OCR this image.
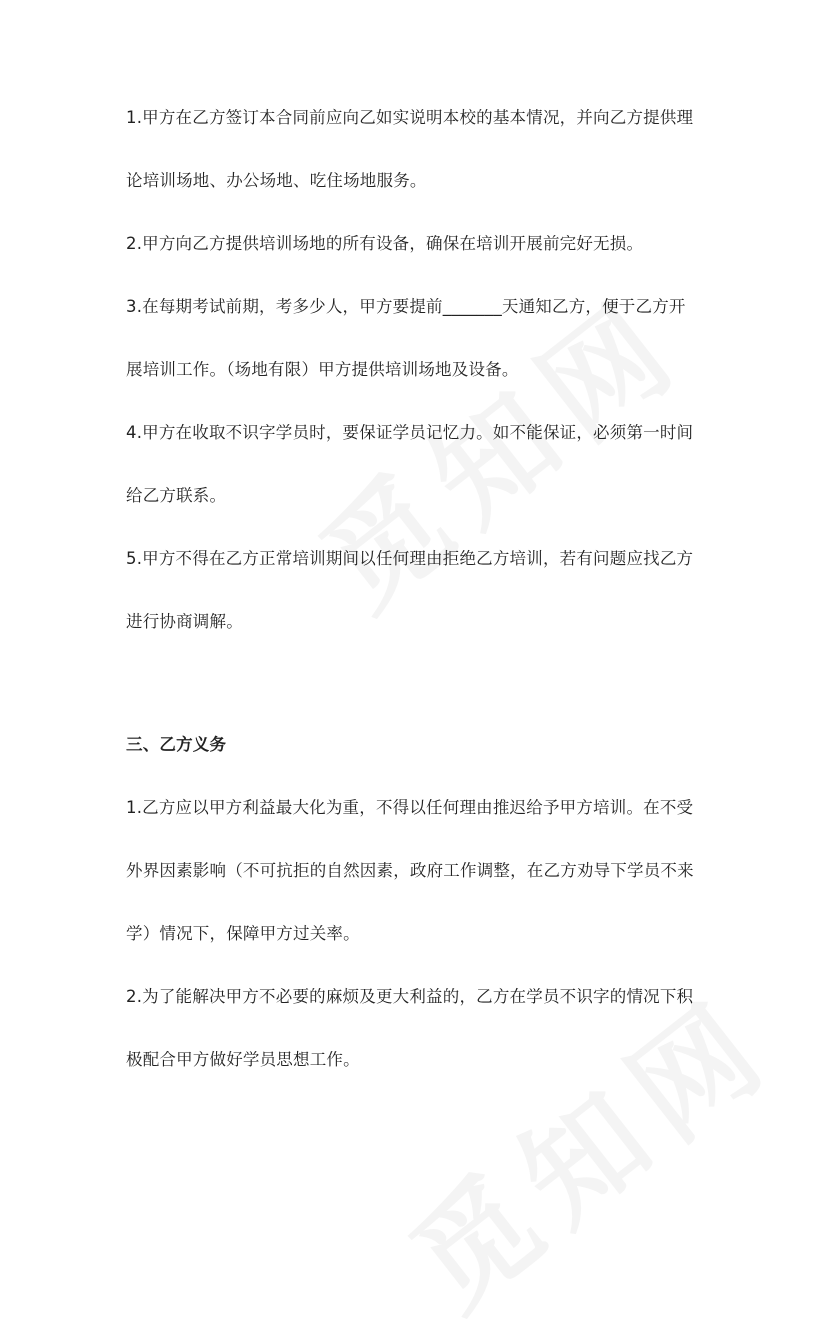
1.甲方在乙方签订本合同前应向乙如实说明本校的基本情况，并向乙方提供理
论培训场地、办公场地、吃住场地服务。
2.甲方向乙方提供培训场地的所有设备，确保在培训开展前完好无损。
3.在每期考试前期，考多少人，甲方要提前_______天通知乙方，便于乙方开
展培训工作。（场地有限）甲方提供培训场地及设备。
4.甲方在收取不识字学员时，要保证学员记忆力。如不能保证，必须第一时间
给乙方联系。
5.甲方不得在乙方正常培训期间以任何理由拒绝乙方培训，若有问题应找乙方
进行协商调解。
三、乙方义务
1.乙方应以甲方利益最大化为重，不得以任何理由推迟给予甲方培训。在不受
外界因素影响（不可抗拒的自然因素，政府工作调整，在乙方劝导下学员不来
学）情况下，保障甲方过关率。
2.为了能解决甲方不必要的麻烦及更大利益的，乙方在学员不识字的情况下积
极配合甲方做好学员思想工作。
